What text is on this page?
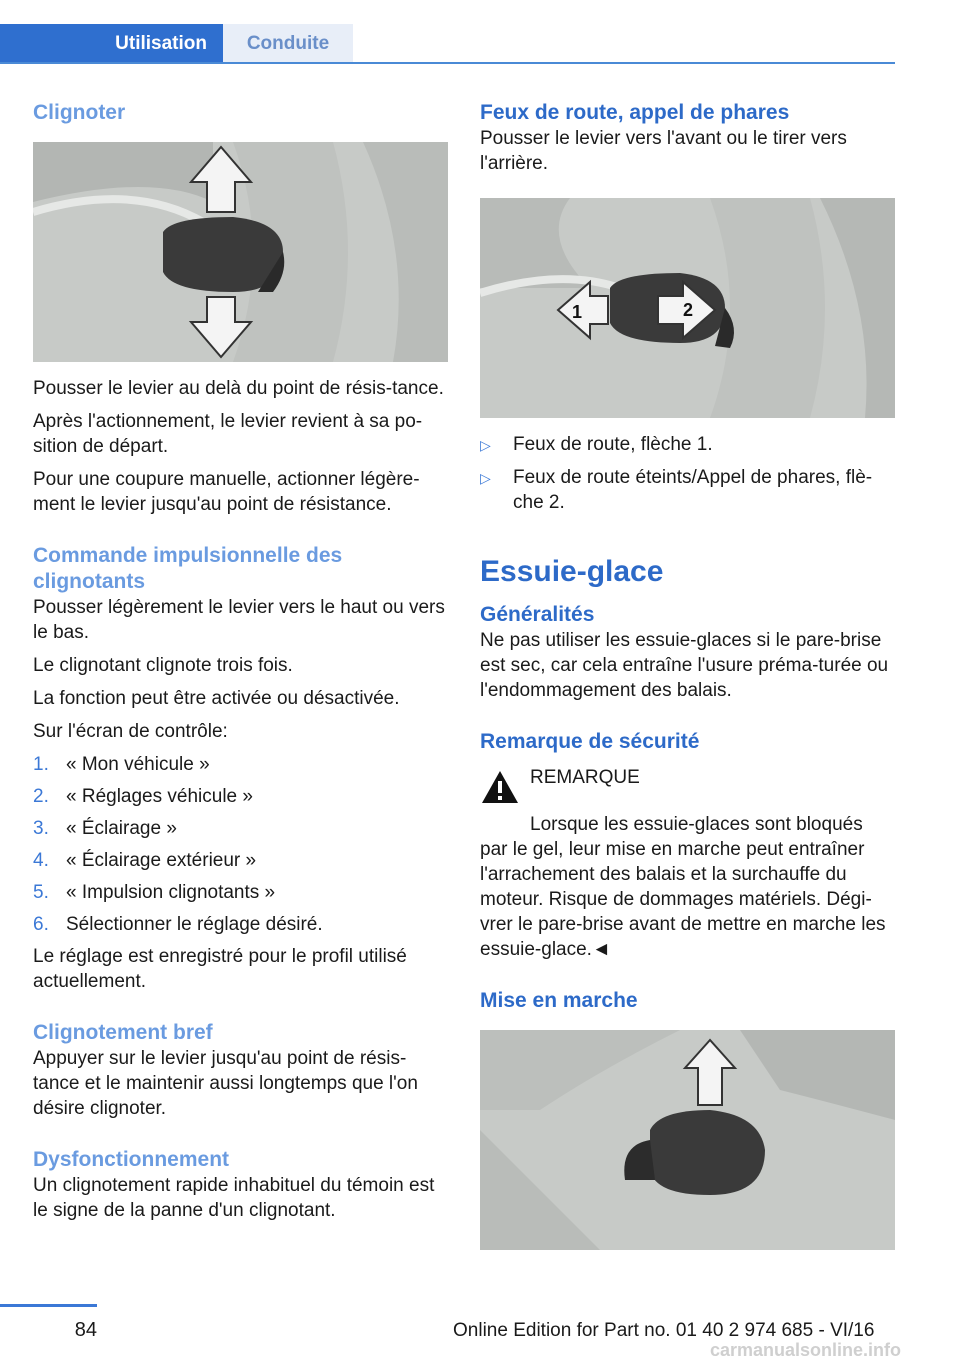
Utilisation	Conduite
Clignoter

Pousser le levier au delà du point de résis-tance.

Après l'actionnement, le levier revient à sa po-sition de départ.

Pour une coupure manuelle, actionner légère-ment le levier jusqu'au point de résistance.

Commande impulsionnelle des clignotants

Pousser légèrement le levier vers le haut ou vers le bas.

Le clignotant clignote trois fois.

La fonction peut être activée ou désactivée.

Sur l'écran de contrôle:

1. « Mon véhicule »
2. « Réglages véhicule »
3. « Éclairage »
4. « Éclairage extérieur »
5. « Impulsion clignotants »
6. Sélectionner le réglage désiré.

Le réglage est enregistré pour le profil utilisé actuellement.

Clignotement bref

Appuyer sur le levier jusqu'au point de résis-tance et le maintenir aussi longtemps que l'on désire clignoter.

Dysfonctionnement

Un clignotement rapide inhabituel du témoin est le signe de la panne d'un clignotant.

Feux de route, appel de phares

Pousser le levier vers l'avant ou le tirer vers l'arrière.

1	2
▷	Feux de route, flèche 1.
▷	Feux de route éteints/Appel de phares, flè-che 2.
Essuie-glace
Généralités

Ne pas utiliser les essuie-glaces si le pare-brise est sec, car cela entraîne l'usure préma-turée ou l'endommagement des balais.

Remarque de sécurité

REMARQUE

Lorsque les essuie-glaces sont bloqués par le gel, leur mise en marche peut entraîner l'arrachement des balais et la surchauffe du moteur. Risque de dommages matériels. Dégi-vrer le pare-brise avant de mettre en marche les essuie-glace.◄

Mise en marche
84	Online Edition for Part no. 01 40 2 974 685 - VI/16
carmanualsonline.info
